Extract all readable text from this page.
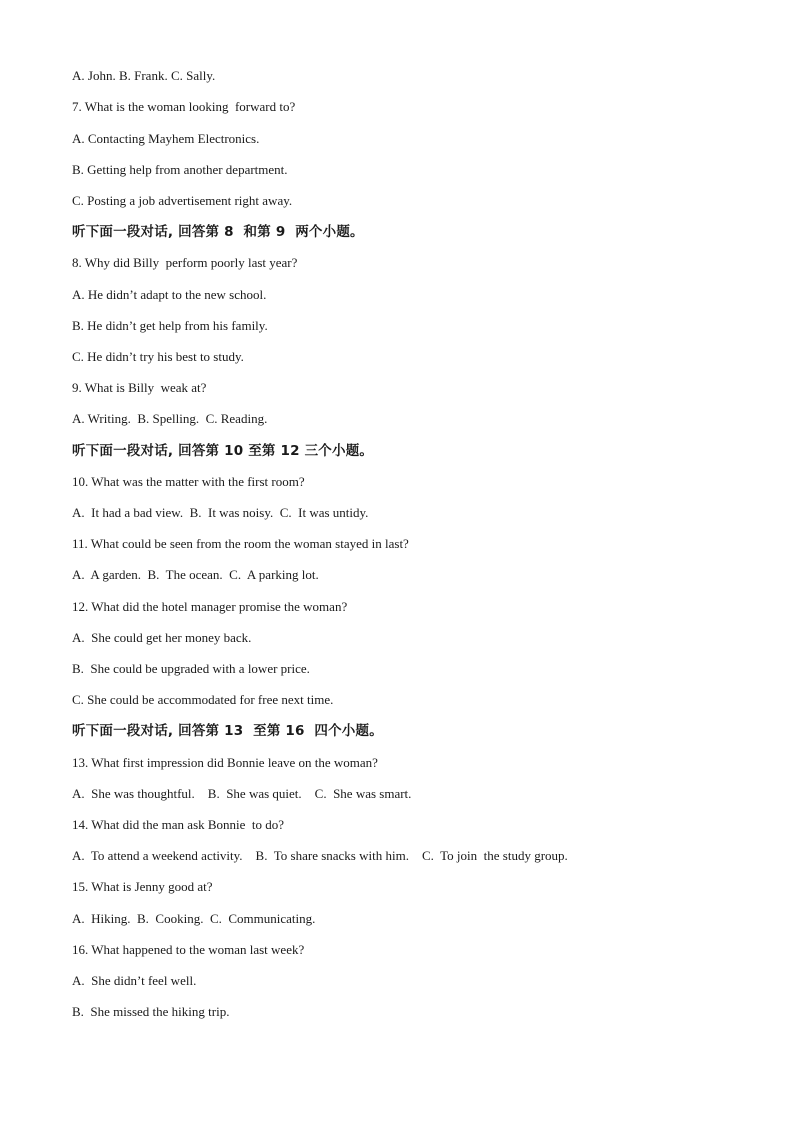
A. John. B. Frank. C. Sally.
7. What is the woman looking  forward to?
A. Contacting Mayhem Electronics.
B. Getting help from another department.
C. Posting a job advertisement right away.
听下面一段对话, 回答第 8  和第 9  两个小题。
8. Why did Billy  perform poorly last year?
A. He didn’t adapt to the new school.
B. He didn’t get help from his family.
C. He didn’t try his best to study.
9. What is Billy  weak at?
A. Writing.  B. Spelling.  C. Reading.
听下面一段对话, 回答第 10 至第 12 三个小题。
10. What was the matter with the first room?
A.  It had a bad view.  B.  It was noisy.  C.  It was untidy.
11. What could be seen from the room the woman stayed in last?
A.  A garden.  B.  The ocean.  C.  A parking lot.
12. What did the hotel manager promise the woman?
A.  She could get her money back.
B.  She could be upgraded with a lower price.
C. She could be accommodated for free next time.
听下面一段对话, 回答第 13  至第 16  四个小题。
13. What first impression did Bonnie leave on the woman?
A.  She was thoughtful.    B.  She was quiet.    C.  She was smart.
14. What did the man ask Bonnie  to do?
A.  To attend a weekend activity.    B.  To share snacks with him.    C.  To join  the study group.
15. What is Jenny good at?
A.  Hiking.  B.  Cooking.  C.  Communicating.
16. What happened to the woman last week?
A.  She didn’t feel well.
B.  She missed the hiking trip.
